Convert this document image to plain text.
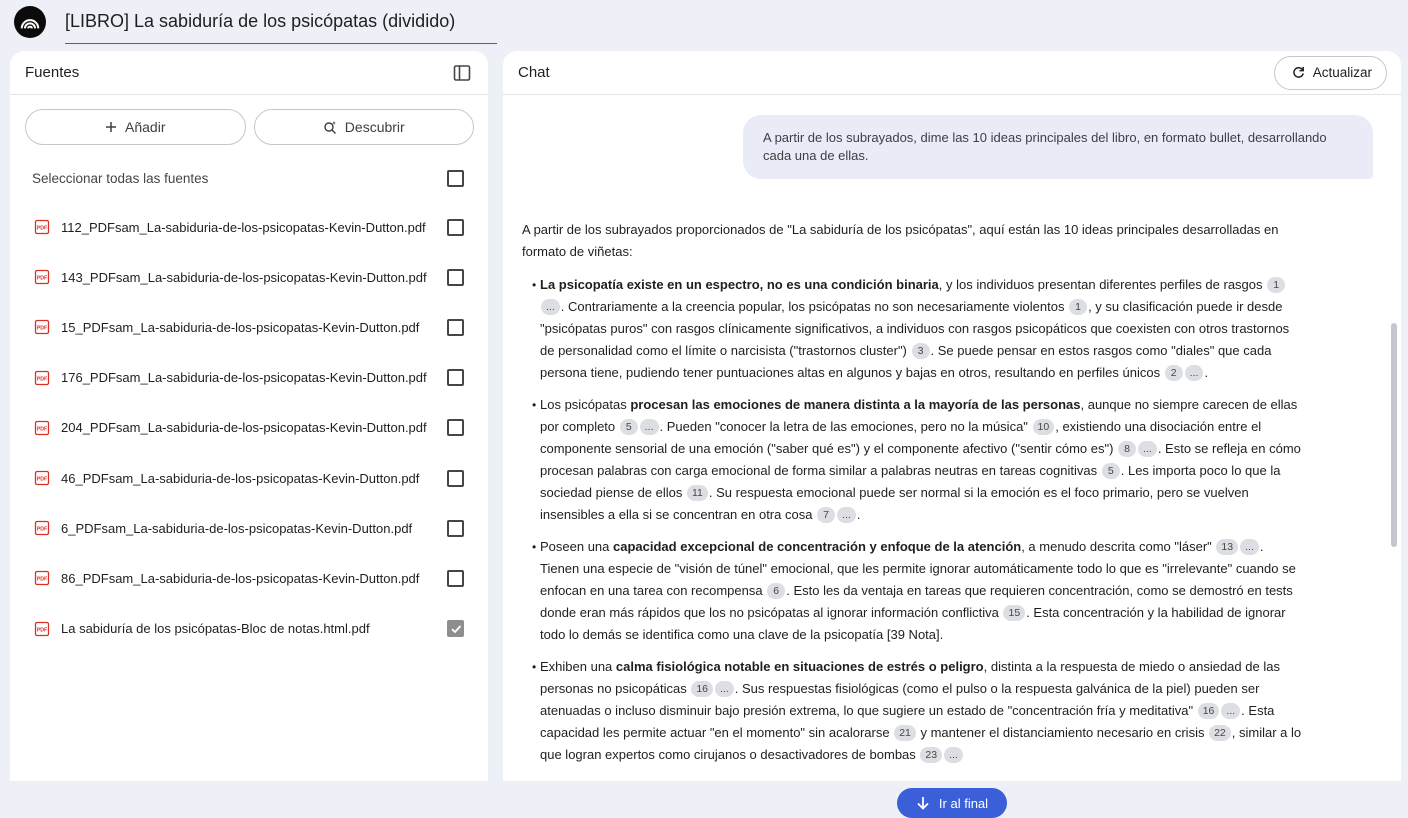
[LIBRO] La sabiduría de los psicópatas (dividido)
Fuentes
Añadir	Descubrir
Seleccionar todas las fuentes
PDF 112_PDFsam_La-sabiduria-de-los-psicopatas-Kevin-Dutton.pdf
PDF 143_PDFsam_La-sabiduria-de-los-psicopatas-Kevin-Dutton.pdf
PDF 15_PDFsam_La-sabiduria-de-los-psicopatas-Kevin-Dutton.pdf
PDF 176_PDFsam_La-sabiduria-de-los-psicopatas-Kevin-Dutton.pdf
PDF 204_PDFsam_La-sabiduria-de-los-psicopatas-Kevin-Dutton.pdf
PDF 46_PDFsam_La-sabiduria-de-los-psicopatas-Kevin-Dutton.pdf
PDF 6_PDFsam_La-sabiduria-de-los-psicopatas-Kevin-Dutton.pdf
PDF 86_PDFsam_La-sabiduria-de-los-psicopatas-Kevin-Dutton.pdf
PDF La sabiduría de los psicópatas-Bloc de notas.html.pdf
Chat	Actualizar
A partir de los subrayados, dime las 10 ideas principales del libro, en formato bullet, desarrollando cada una de ellas.

A partir de los subrayados proporcionados de "La sabiduría de los psicópatas", aquí están las 10 ideas principales desarrolladas en formato de viñetas:

• La psicopatía existe en un espectro, no es una condición binaria, y los individuos presentan diferentes perfiles de rasgos 1... . Contrariamente a la creencia popular, los psicópatas no son necesariamente violentos 1 , y su clasificación puede ir desde "psicópatas puros" con rasgos clínicamente significativos, a individuos con rasgos psicopáticos que coexisten con otros trastornos de personalidad como el límite o narcisista ("trastornos cluster") 3 . Se puede pensar en estos rasgos como "diales" que cada persona tiene, pudiendo tener puntuaciones altas en algunos y bajas en otros, resultando en perfiles únicos 2 ... .
• Los psicópatas procesan las emociones de manera distinta a la mayoría de las personas, aunque no siempre carecen de ellas por completo 5 ... . Pueden "conocer la letra de las emociones, pero no la música" 10 , existiendo una disociación entre el componente sensorial de una emoción ("saber qué es") y el componente afectivo ("sentir cómo es") 8 ... . Esto se refleja en cómo procesan palabras con carga emocional de forma similar a palabras neutras en tareas cognitivas 5 . Les importa poco lo que la sociedad piense de ellos 11 . Su respuesta emocional puede ser normal si la emoción es el foco primario, pero se vuelven insensibles a ella si se concentran en otra cosa 7 ... .
• Poseen una capacidad excepcional de concentración y enfoque de la atención, a menudo descrita como "láser" 13 ... . Tienen una especie de "visión de túnel" emocional, que les permite ignorar automáticamente todo lo que es "irrelevante" cuando se enfocan en una tarea con recompensa 6 . Esto les da ventaja en tareas que requieren concentración, como se demostró en tests donde eran más rápidos que los no psicópatas al ignorar información conflictiva 15 . Esta concentración y la habilidad de ignorar todo lo demás se identifica como una clave de la psicopatía [39 Nota].
• Exhiben una calma fisiológica notable en situaciones de estrés o peligro, distinta a la respuesta de miedo o ansiedad de las personas no psicopáticas 16 ... . Sus respuestas fisiológicas (como el pulso o la respuesta galvánica de la piel) pueden ser atenuadas o incluso disminuir bajo presión extrema, lo que sugiere un estado de "concentración fría y meditativa" 16 ... . Esta capacidad les permite actuar "en el momento" sin acalorarse 21 y mantener el distanciamiento necesario en crisis 22 , similar a lo que logran expertos como cirujanos o desactivadores de bombas 23 ...
Ir al final
